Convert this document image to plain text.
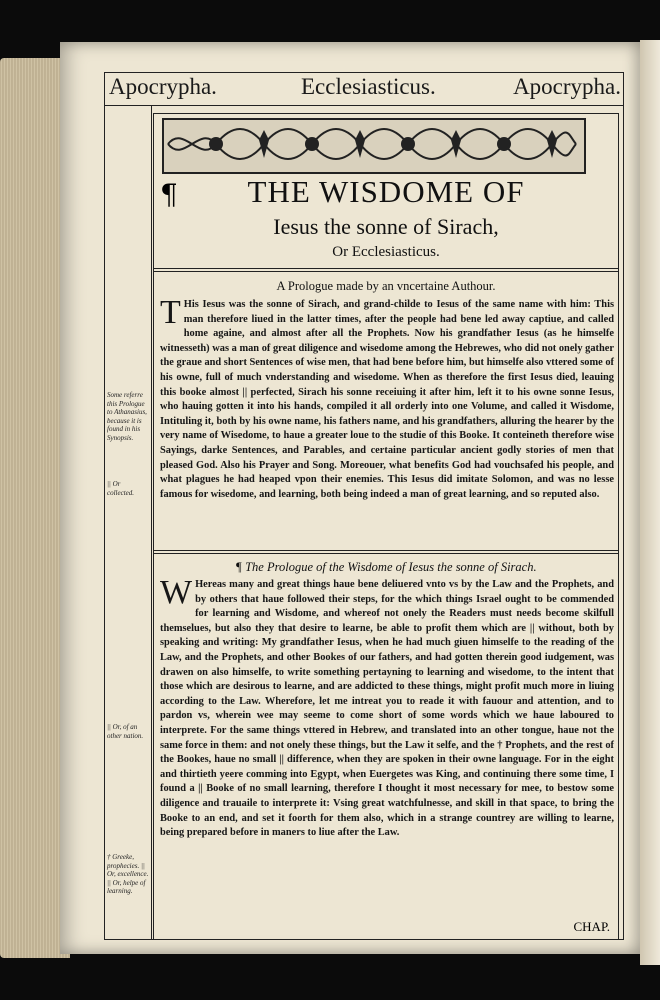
Apocrypha.	Ecclesiasticus.	Apocrypha.
Some referre this Prologue to Athanasius, because it is found in his Synopsis.
|| Or collected.
|| Or, of an other nation.
† Greeke, prophecies. || Or, excellence. || Or, helpe of learning.
¶	THE WISDOME OF
Iesus the sonne of Sirach,
Or Ecclesiasticus.
A Prologue made by an vncertaine Authour.
T His Iesus was the sonne of Sirach, and grand-childe to Iesus of the same name with him: This man therefore liued in the latter times, after the people had bene led away captiue, and called home againe, and almost after all the Prophets. Now his grandfather Iesus (as he himselfe witnesseth) was a man of great diligence and wisedome among the Hebrewes, who did not onely gather the graue and short Sentences of wise men, that had bene before him, but himselfe also vttered some of his owne, full of much vnderstanding and wisedome. When as therefore the first Iesus died, leauing this booke almost || perfected, Sirach his sonne receiuing it after him, left it to his owne sonne Iesus, who hauing gotten it into his hands, compiled it all orderly into one Volume, and called it Wisdome, Intituling it, both by his owne name, his fathers name, and his grandfathers, alluring the hearer by the very name of Wisedome, to haue a greater loue to the studie of this Booke. It conteineth therefore wise Sayings, darke Sentences, and Parables, and certaine particular ancient godly stories of men that pleased God. Also his Prayer and Song. Moreouer, what benefits God had vouchsafed his people, and what plagues he had heaped vpon their enemies. This Iesus did imitate Solomon, and was no lesse famous for wisedome, and learning, both being indeed a man of great learning, and so reputed also.
¶ The Prologue of the Wisdome of Iesus the sonne of Sirach.
W Hereas many and great things haue bene deliuered vnto vs by the Law and the Prophets, and by others that haue followed their steps, for the which things Israel ought to be commended for learning and Wisdome, and whereof not onely the Readers must needs become skilfull themselues, but also they that desire to learne, be able to profit them which are || without, both by speaking and writing: My grandfather Iesus, when he had much giuen himselfe to the reading of the Law, and the Prophets, and other Bookes of our fathers, and had gotten therein good iudgement, was drawen on also himselfe, to write something pertayning to learning and wisedome, to the intent that those which are desirous to learne, and are addicted to these things, might profit much more in liuing according to the Law. Wherefore, let me intreat you to reade it with fauour and attention, and to pardon vs, wherein wee may seeme to come short of some words which we haue laboured to interprete. For the same things vttered in Hebrew, and translated into an other tongue, haue not the same force in them: and not onely these things, but the Law it selfe, and the † Prophets, and the rest of the Bookes, haue no small || difference, when they are spoken in their owne language. For in the eight and thirtieth yeere comming into Egypt, when Euergetes was King, and continuing there some time, I found a || Booke of no small learning, therefore I thought it most necessary for mee, to bestow some diligence and trauaile to interprete it: Vsing great watchfulnesse, and skill in that space, to bring the Booke to an end, and set it foorth for them also, which in a strange countrey are willing to learne, being prepared before in maners to liue after the Law.
CHAP.
